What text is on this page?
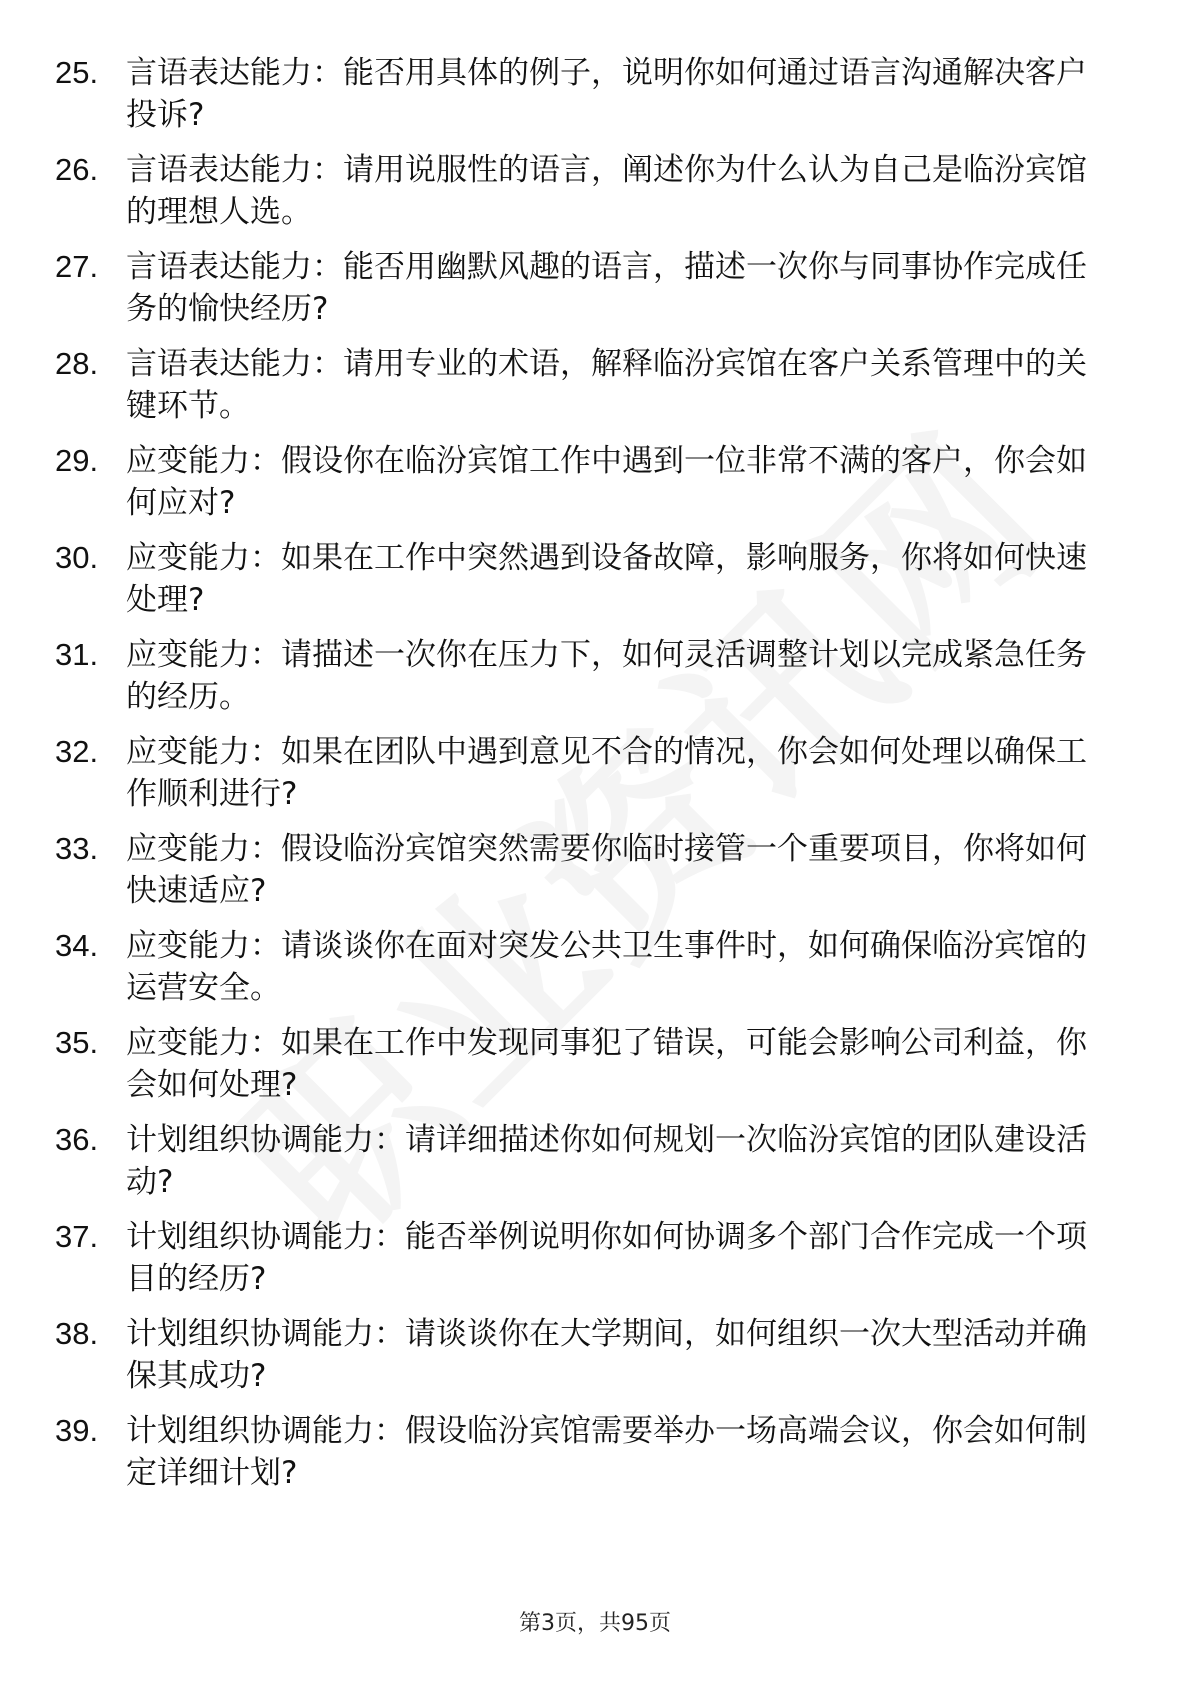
25. 言语表达能力：能否用具体的例子，说明你如何通过语言沟通解决客户投诉?
26. 言语表达能力：请用说服性的语言，阐述你为什么认为自己是临汾宾馆的理想人选。
27. 言语表达能力：能否用幽默风趣的语言，描述一次你与同事协作完成任务的愉快经历?
28. 言语表达能力：请用专业的术语，解释临汾宾馆在客户关系管理中的关键环节。
29. 应变能力：假设你在临汾宾馆工作中遇到一位非常不满的客户，你会如何应对?
30. 应变能力：如果在工作中突然遇到设备故障，影响服务，你将如何快速处理?
31. 应变能力：请描述一次你在压力下，如何灵活调整计划以完成紧急任务的经历。
32. 应变能力：如果在团队中遇到意见不合的情况，你会如何处理以确保工作顺利进行?
33. 应变能力：假设临汾宾馆突然需要你临时接管一个重要项目，你将如何快速适应?
34. 应变能力：请谈谈你在面对突发公共卫生事件时，如何确保临汾宾馆的运营安全。
35. 应变能力：如果在工作中发现同事犯了错误，可能会影响公司利益，你会如何处理?
36. 计划组织协调能力：请详细描述你如何规划一次临汾宾馆的团队建设活动?
37. 计划组织协调能力：能否举例说明你如何协调多个部门合作完成一个项目的经历?
38. 计划组织协调能力：请谈谈你在大学期间，如何组织一次大型活动并确保其成功?
39. 计划组织协调能力：假设临汾宾馆需要举办一场高端会议，你会如何制定详细计划?
第3页，共95页
